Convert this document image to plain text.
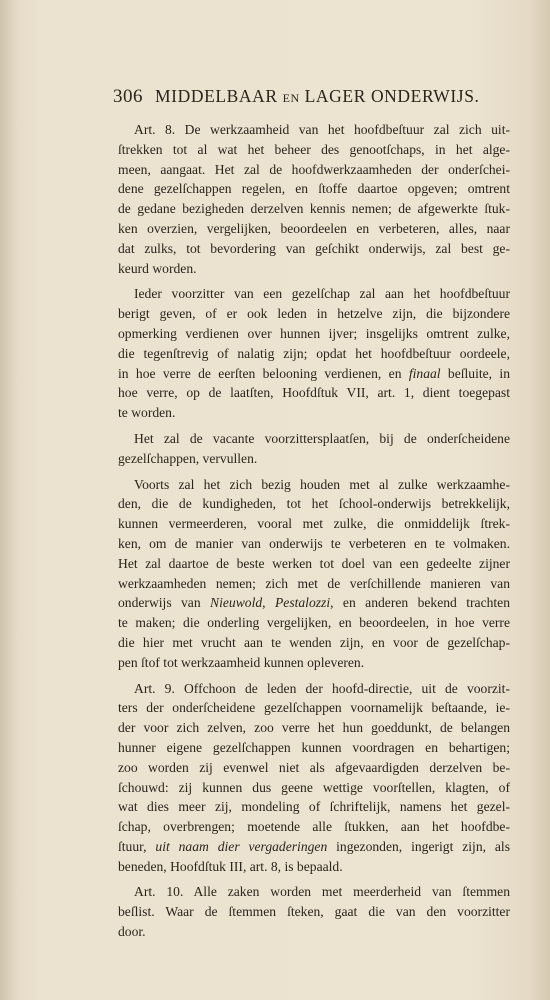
306 MIDDELBAAR EN LAGER ONDERWIJS.
Art. 8. De werkzaamheid van het hoofdbeſtuur zal zich uit-
ſtrekken tot al wat het beheer des genootſchaps, in het alge-
meen, aangaat. Het zal de hoofdwerkzaamheden der onderſchei-
dene gezelſchappen regelen, en ſtoffe daartoe opgeven; omtrent
de gedane bezigheden derzelven kennis nemen; de afgewerkte ſtuk-
ken overzien, vergelijken, beoordeelen en verbeteren, alles, naar
dat zulks, tot bevordering van geſchikt onderwijs, zal best ge-
keurd worden.
Ieder voorzitter van een gezelſchap zal aan het hoofdbeſtuur
berigt geven, of er ook leden in hetzelve zijn, die bijzondere
opmerking verdienen over hunnen ijver; insgelijks omtrent zulke,
die tegenſtrevig of nalatig zijn; opdat het hoofdbeſtuur oordeele,
in hoe verre de eerſten belooning verdienen, en finaal beſluite, in
hoe verre, op de laatſten, Hoofdſtuk VII, art. 1, dient toegepast
te worden.
Het zal de vacante voorzittersplaatſen, bij de onderſcheidene
gezelſchappen, vervullen.
Voorts zal het zich bezig houden met al zulke werkzaamhe-
den, die de kundigheden, tot het ſchool-onderwijs betrekkelijk,
kunnen vermeerderen, vooral met zulke, die onmiddelijk ſtrek-
ken, om de manier van onderwijs te verbeteren en te volmaken.
Het zal daartoe de beste werken tot doel van een gedeelte zijner
werkzaamheden nemen; zich met de verſchillende manieren van
onderwijs van Nieuwold, Pestalozzi, en anderen bekend trachten
te maken; die onderling vergelijken, en beoordeelen, in hoe verre
die hier met vrucht aan te wenden zijn, en voor de gezelſchap-
pen ſtof tot werkzaamheid kunnen opleveren.
Art. 9. Offchoon de leden der hoofd-directie, uit de voorzit-
ters der onderſcheidene gezelſchappen voornamelijk beſtaande, ie-
der voor zich zelven, zoo verre het hun goeddunkt, de belangen
hunner eigene gezelſchappen kunnen voordragen en behartigen;
zoo worden zij evenwel niet als afgevaardigden derzelven be-
ſchouwd: zij kunnen dus geene wettige voorſtellen, klagten, of
wat dies meer zij, mondeling of ſchriftelijk, namens het gezel-
ſchap, overbrengen; moetende alle ſtukken, aan het hoofdbe-
ſtuur, uit naam dier vergaderingen ingezonden, ingerigt zijn, als
beneden, Hoofdſtuk III, art. 8, is bepaald.
Art. 10. Alle zaken worden met meerderheid van ſtemmen
beſlist. Waar de ſtemmen ſteken, gaat die van den voorzitter
door.
